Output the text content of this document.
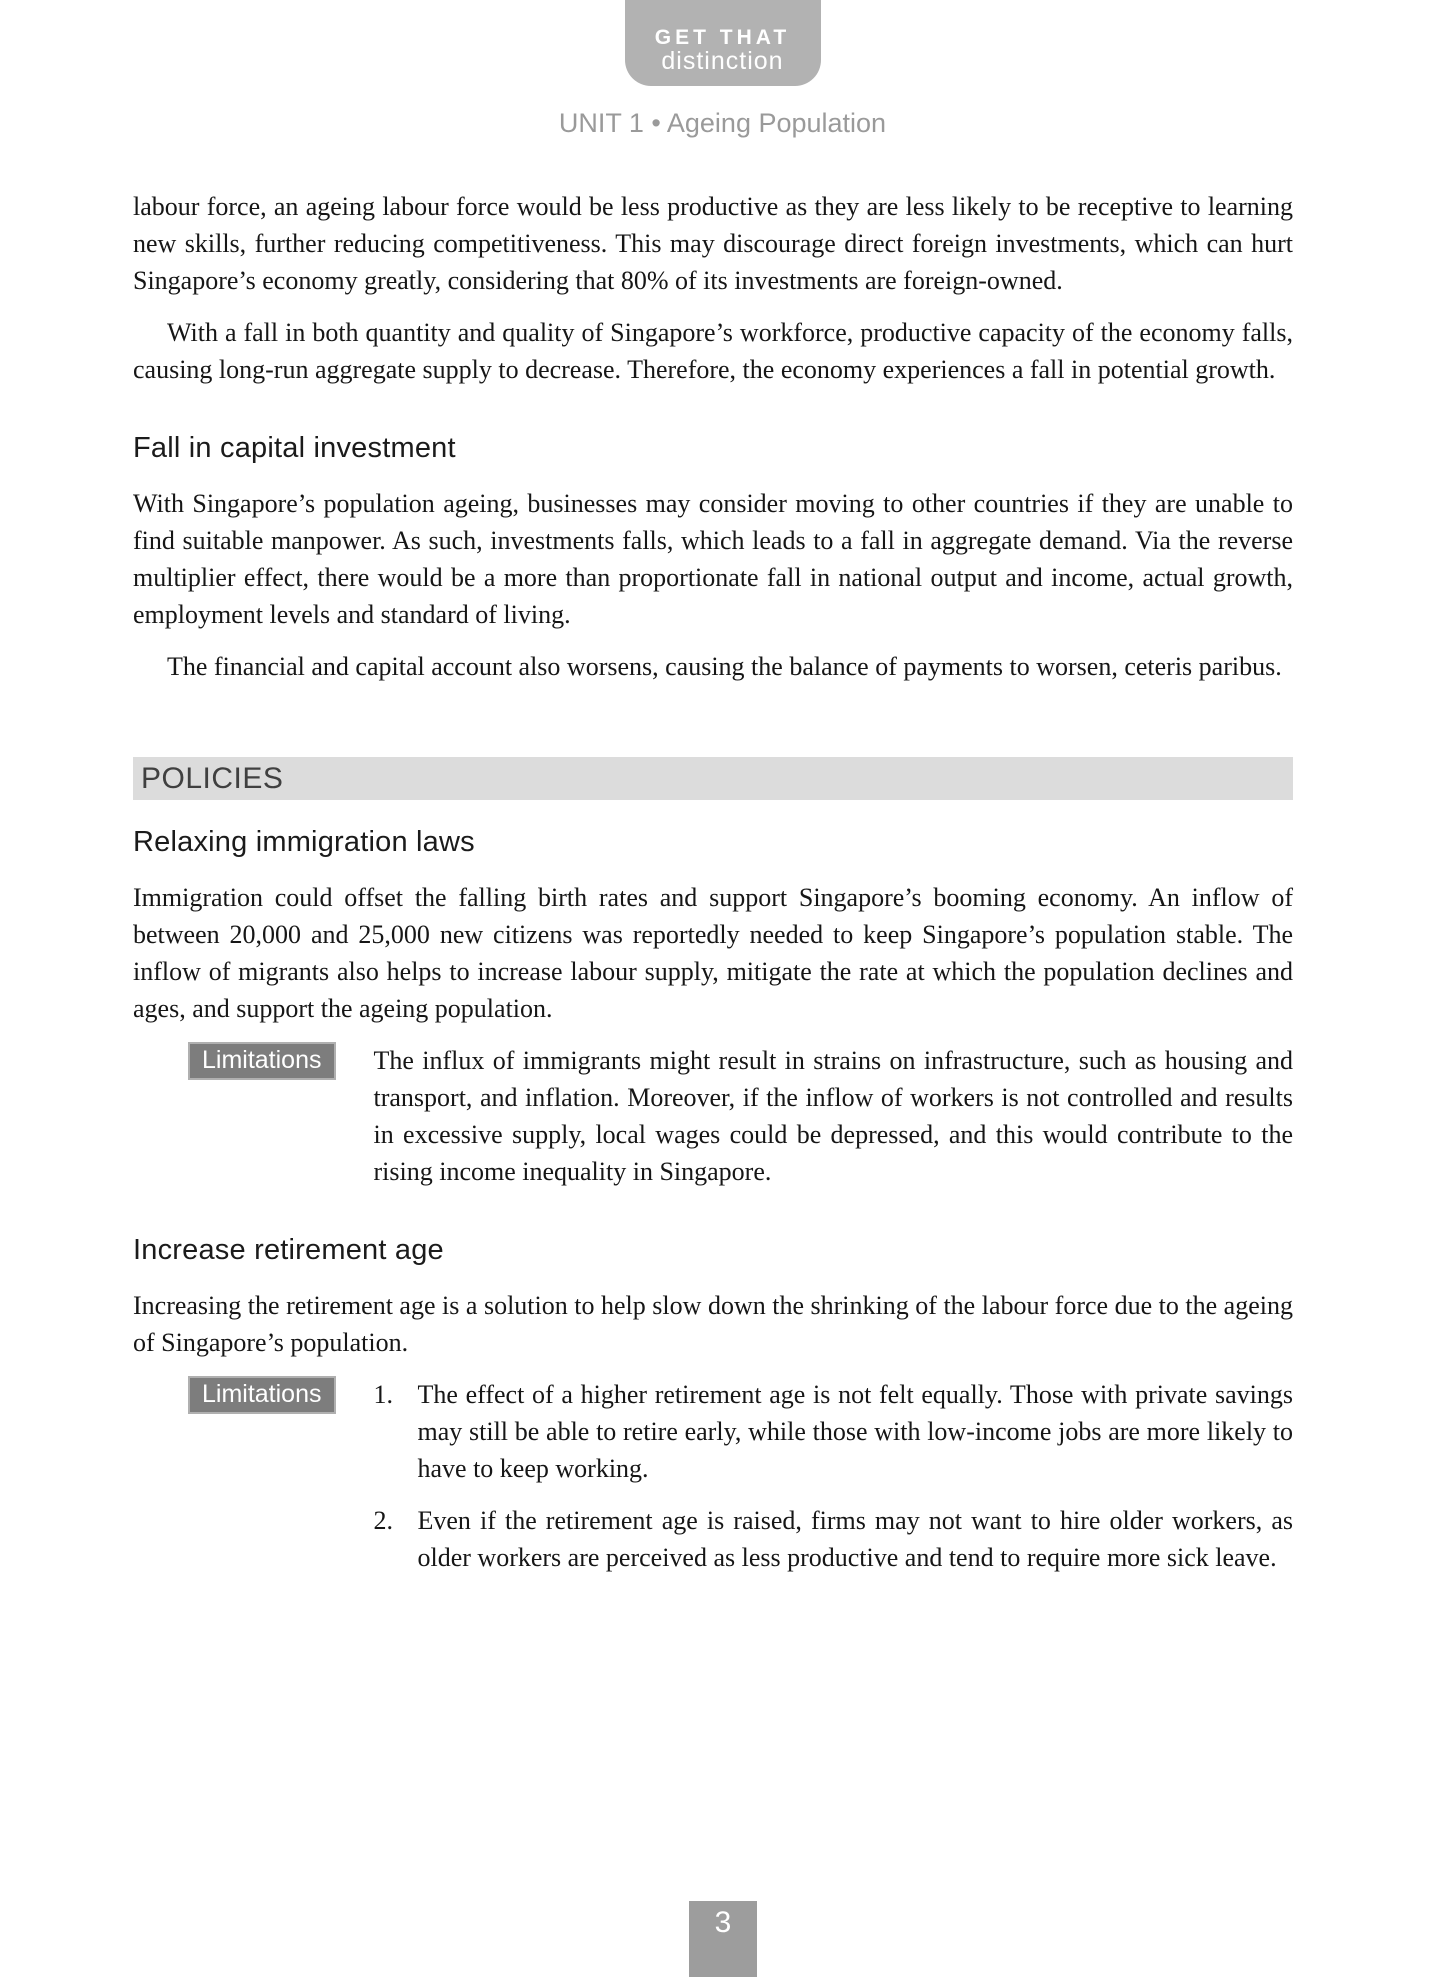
GET THAT
distinction
UNIT 1 • Ageing Population

labour force, an ageing labour force would be less productive as they are less likely to be receptive to learning new skills, further reducing competitiveness. This may discourage direct foreign investments, which can hurt Singapore’s economy greatly, considering that 80% of its investments are foreign-owned.

With a fall in both quantity and quality of Singapore’s workforce, productive capacity of the economy falls, causing long-run aggregate supply to decrease. Therefore, the economy experiences a fall in potential growth.

Fall in capital investment

With Singapore’s population ageing, businesses may consider moving to other countries if they are unable to find suitable manpower. As such, investments falls, which leads to a fall in aggregate demand. Via the reverse multiplier effect, there would be a more than proportionate fall in national output and income, actual growth, employment levels and standard of living.

The financial and capital account also worsens, causing the balance of payments to worsen, ceteris paribus.

POLICIES
Relaxing immigration laws

Immigration could offset the falling birth rates and support Singapore’s booming economy. An inflow of between 20,000 and 25,000 new citizens was reportedly needed to keep Singapore’s population stable. The inflow of migrants also helps to increase labour supply, mitigate the rate at which the population declines and ages, and support the ageing population.

Limitations	The influx of immigrants might result in strains on infrastructure, such as housing and transport, and inflation. Moreover, if the inflow of workers is not controlled and results in excessive supply, local wages could be depressed, and this would contribute to the rising income inequality in Singapore.

Increase retirement age

Increasing the retirement age is a solution to help slow down the shrinking of the labour force due to the ageing of Singapore’s population.

Limitations	1. The effect of a higher retirement age is not felt equally. Those with private savings may still be able to retire early, while those with low-income jobs are more likely to have to keep working.
2. Even if the retirement age is raised, firms may not want to hire older workers, as older workers are perceived as less productive and tend to require more sick leave.
3
